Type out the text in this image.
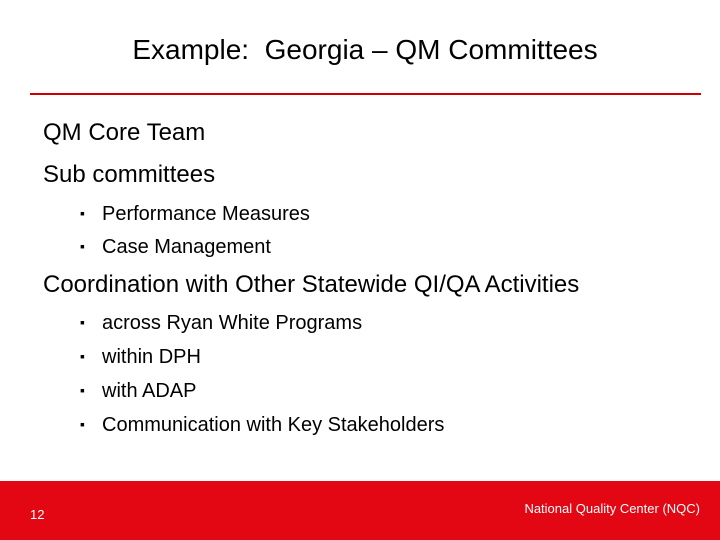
Example:  Georgia – QM Committees
QM Core Team
Sub committees
▪ Performance Measures
▪ Case Management
Coordination with Other Statewide QI/QA Activities
▪ across Ryan White Programs
▪ within DPH
▪ with ADAP
▪ Communication with Key Stakeholders
12	National Quality Center (NQC)
